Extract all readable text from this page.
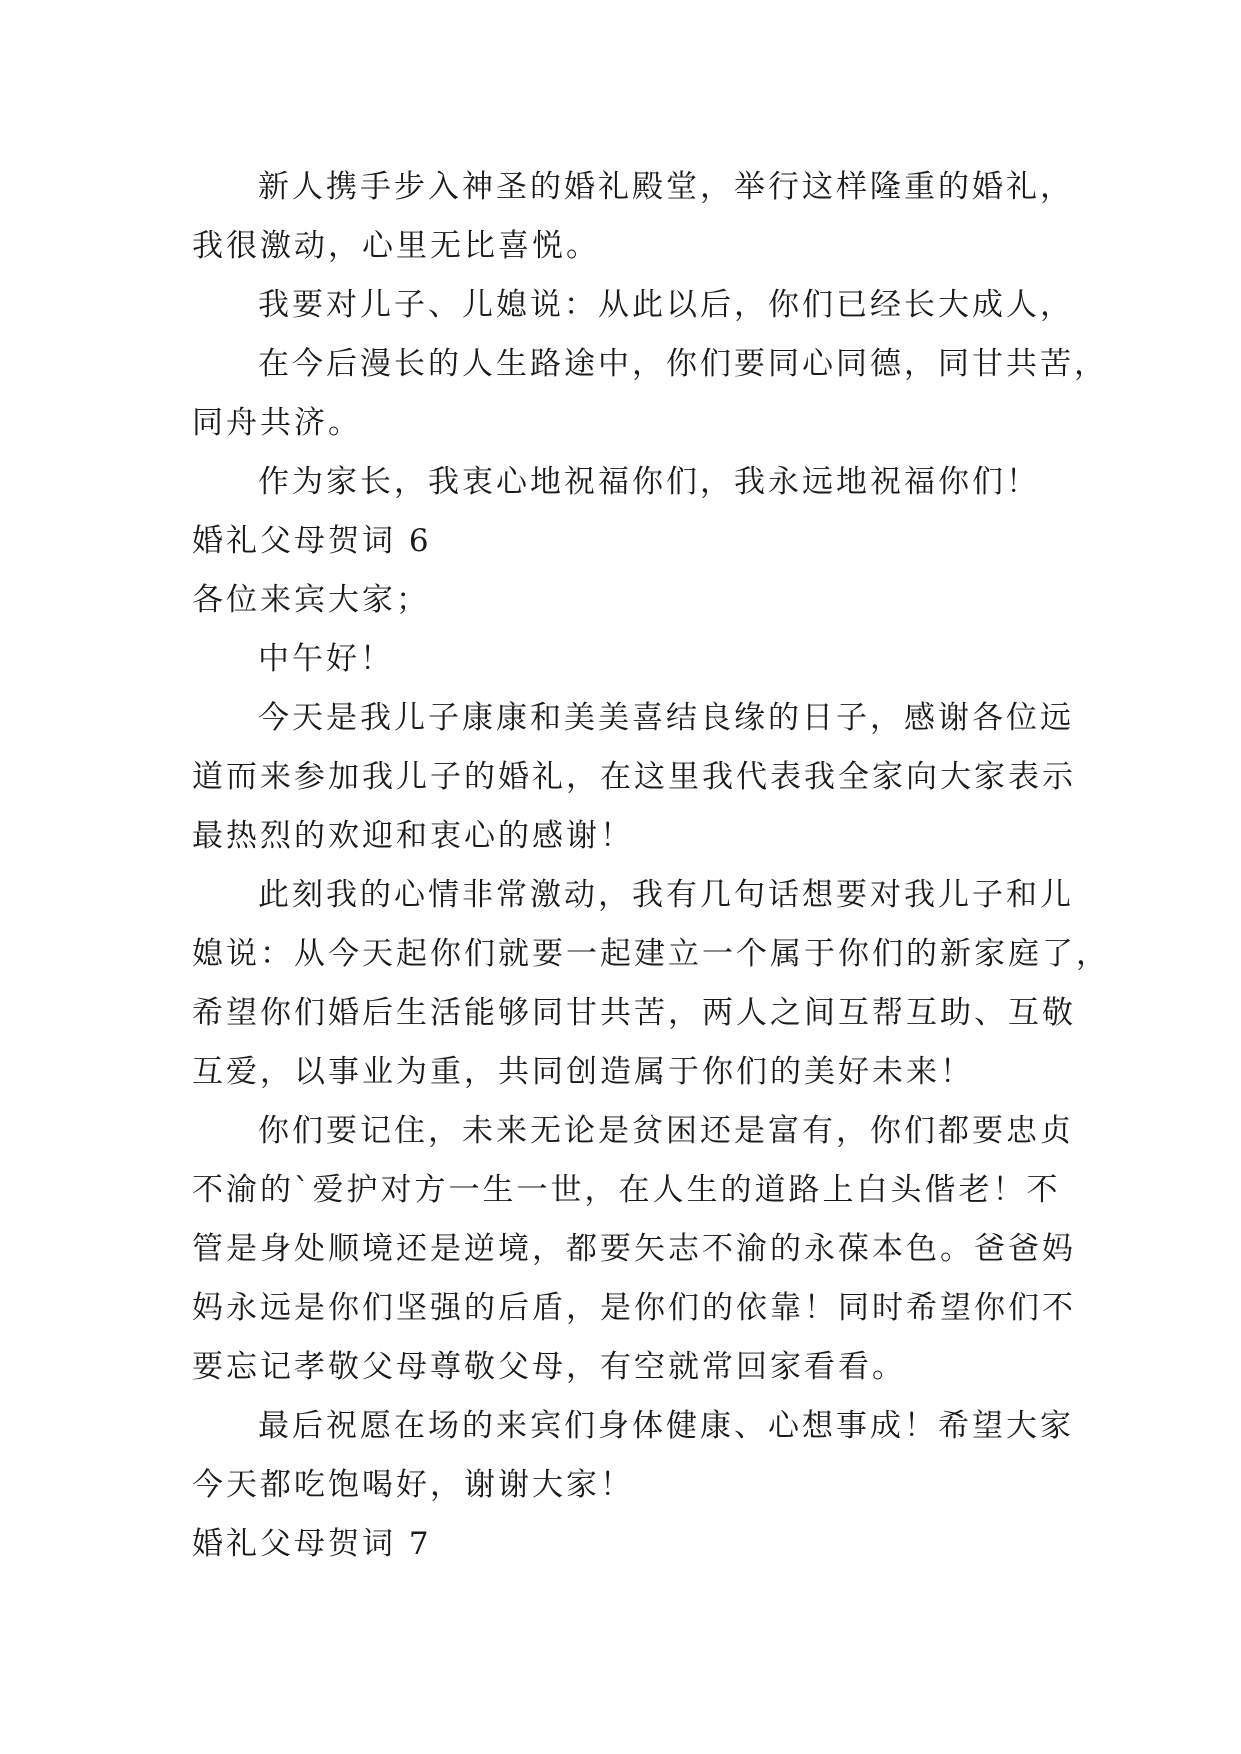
新人携手步入神圣的婚礼殿堂，举行这样隆重的婚礼，

我很激动，心里无比喜悦。

我要对儿子、儿媳说：从此以后，你们已经长大成人，

在今后漫长的人生路途中，你们要同心同德，同甘共苦，

同舟共济。

作为家长，我衷心地祝福你们，我永远地祝福你们！

婚礼父母贺词 6

各位来宾大家；

中午好！

今天是我儿子康康和美美喜结良缘的日子，感谢各位远

道而来参加我儿子的婚礼，在这里我代表我全家向大家表示

最热烈的欢迎和衷心的感谢！

此刻我的心情非常激动，我有几句话想要对我儿子和儿

媳说：从今天起你们就要一起建立一个属于你们的新家庭了，

希望你们婚后生活能够同甘共苦，两人之间互帮互助、互敬

互爱，以事业为重，共同创造属于你们的美好未来！

你们要记住，未来无论是贫困还是富有，你们都要忠贞

不渝的`爱护对方一生一世，在人生的道路上白头偕老！不

管是身处顺境还是逆境，都要矢志不渝的永葆本色。爸爸妈

妈永远是你们坚强的后盾，是你们的依靠！同时希望你们不

要忘记孝敬父母尊敬父母，有空就常回家看看。

最后祝愿在场的来宾们身体健康、心想事成！希望大家

今天都吃饱喝好，谢谢大家！

婚礼父母贺词 7
